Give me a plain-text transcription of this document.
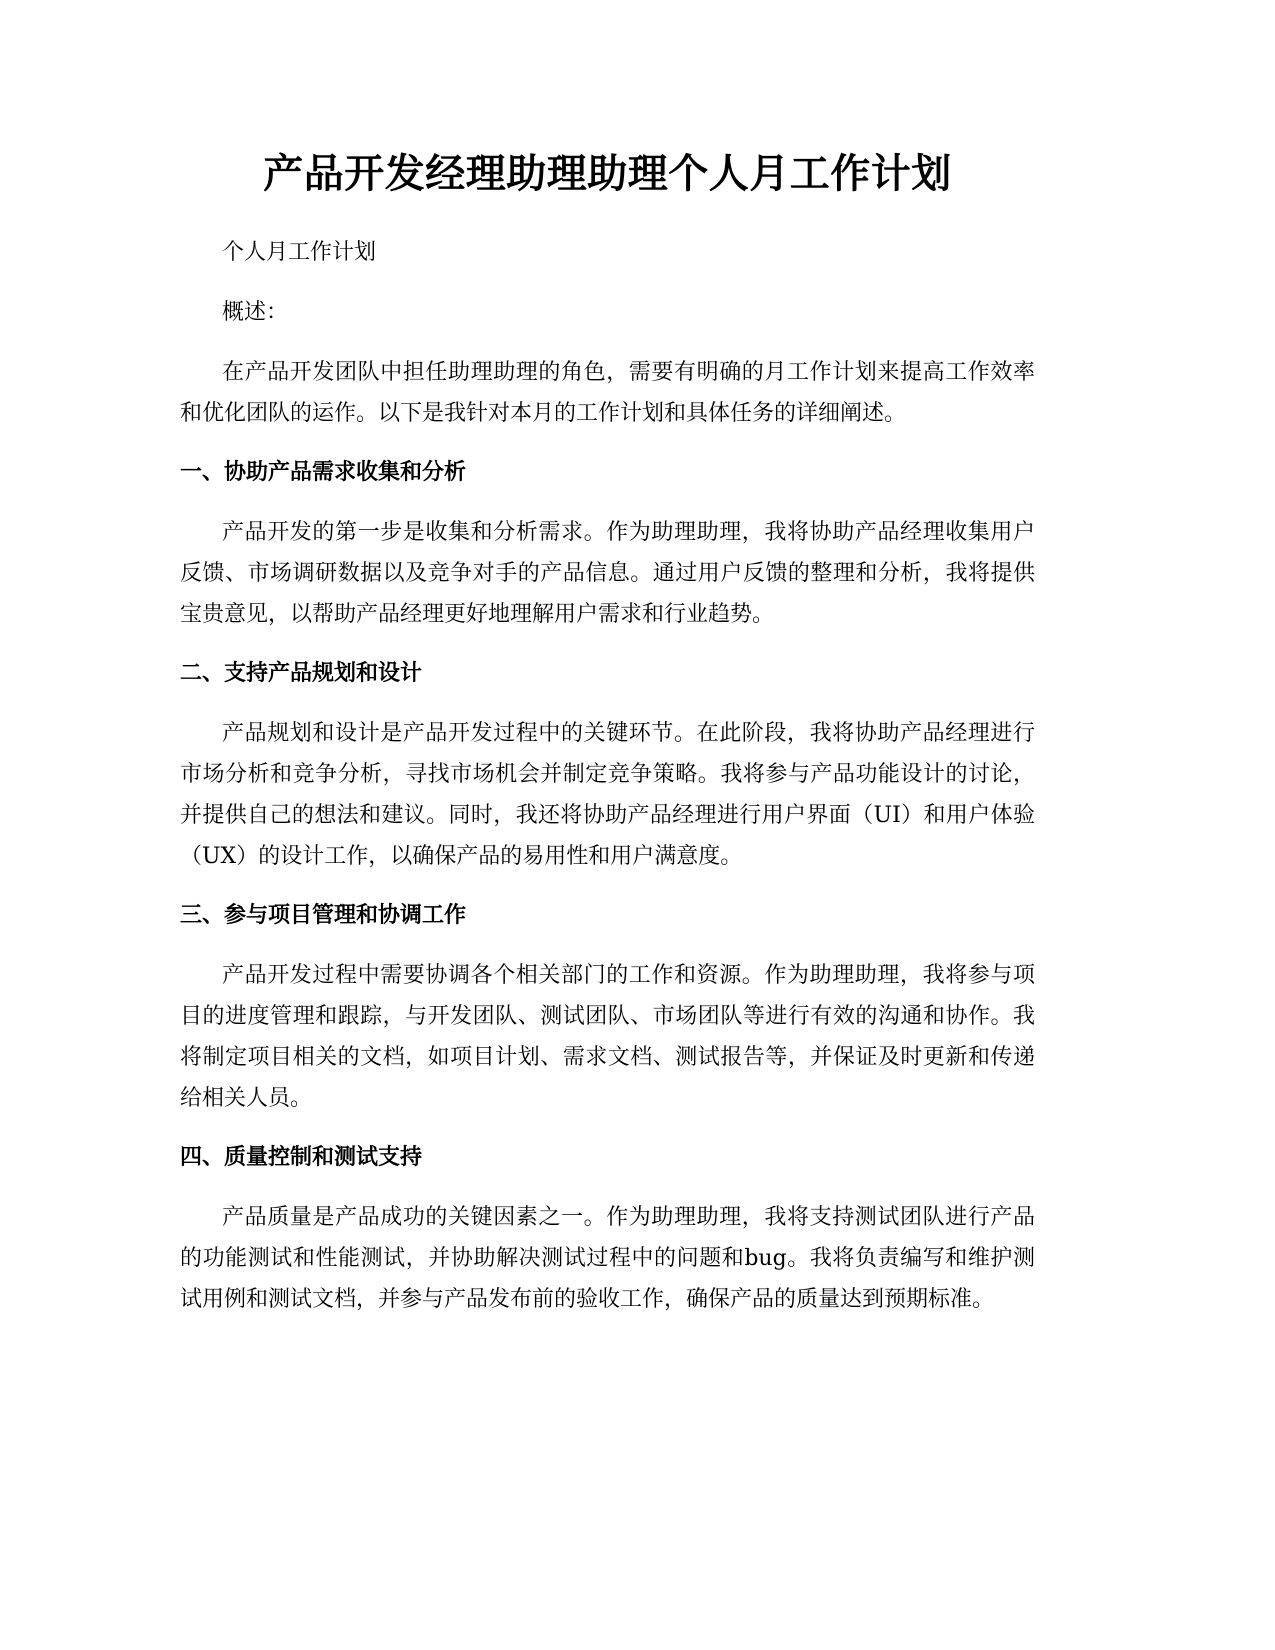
产品开发经理助理助理个人月工作计划

个人月工作计划

概述：

在产品开发团队中担任助理助理的角色，需要有明确的月工作计划来提高工作效率和优化团队的运作。以下是我针对本月的工作计划和具体任务的详细阐述。

一、协助产品需求收集和分析

产品开发的第一步是收集和分析需求。作为助理助理，我将协助产品经理收集用户反馈、市场调研数据以及竞争对手的产品信息。通过用户反馈的整理和分析，我将提供宝贵意见，以帮助产品经理更好地理解用户需求和行业趋势。

二、支持产品规划和设计

产品规划和设计是产品开发过程中的关键环节。在此阶段，我将协助产品经理进行市场分析和竞争分析，寻找市场机会并制定竞争策略。我将参与产品功能设计的讨论，并提供自己的想法和建议。同时，我还将协助产品经理进行用户界面（UI）和用户体验（UX）的设计工作，以确保产品的易用性和用户满意度。

三、参与项目管理和协调工作

产品开发过程中需要协调各个相关部门的工作和资源。作为助理助理，我将参与项目的进度管理和跟踪，与开发团队、测试团队、市场团队等进行有效的沟通和协作。我将制定项目相关的文档，如项目计划、需求文档、测试报告等，并保证及时更新和传递给相关人员。

四、质量控制和测试支持

产品质量是产品成功的关键因素之一。作为助理助理，我将支持测试团队进行产品的功能测试和性能测试，并协助解决测试过程中的问题和bug。我将负责编写和维护测试用例和测试文档，并参与产品发布前的验收工作，确保产品的质量达到预期标准。
